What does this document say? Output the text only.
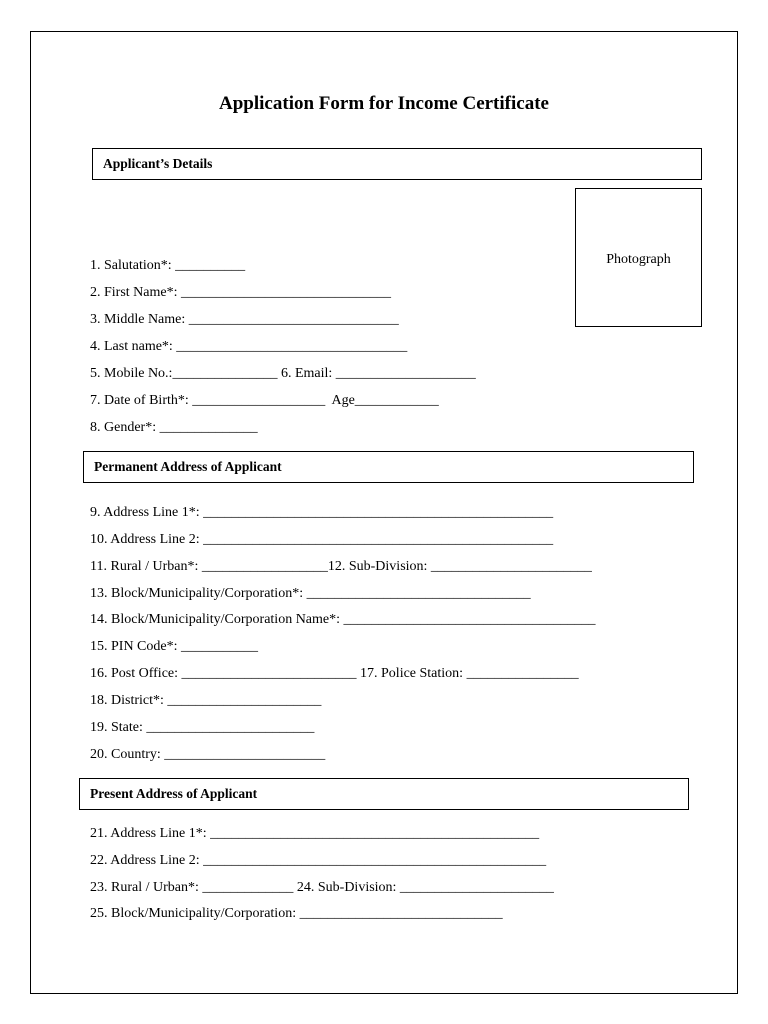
Application Form for Income Certificate
Applicant’s Details
Photograph
1. Salutation*: __________
2. First Name*: ______________________________
3. Middle Name: ______________________________
4. Last name*: _________________________________
5. Mobile No.:_______________ 6. Email: ____________________
7. Date of Birth*: ___________________  Age____________
8. Gender*: ______________
Permanent Address of Applicant
9. Address Line 1*: __________________________________________________
10. Address Line 2: __________________________________________________
11. Rural / Urban*: __________________12. Sub-Division: _______________________
13. Block/Municipality/Corporation*: ________________________________
14. Block/Municipality/Corporation Name*: ____________________________________
15. PIN Code*: ___________
16. Post Office: _________________________ 17. Police Station: ________________
18. District*: ______________________
19. State: ________________________
20. Country: _______________________
Present Address of Applicant
21. Address Line 1*: _______________________________________________
22. Address Line 2: _________________________________________________
23. Rural / Urban*: _____________ 24. Sub-Division: ______________________
25. Block/Municipality/Corporation: _____________________________
